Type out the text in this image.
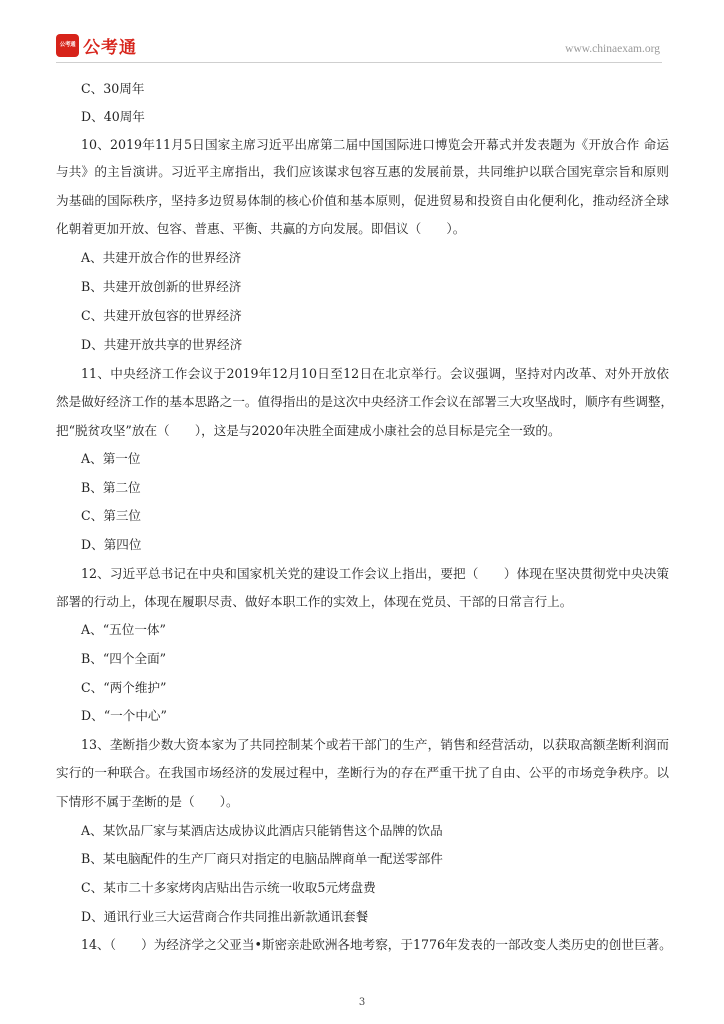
公考通 公考通	www.chinaexam.org
C、30周年
D、40周年
10、2019年11月5日国家主席习近平出席第二届中国国际进口博览会开幕式并发表题为《开放合作 命运
与共》的主旨演讲。习近平主席指出，我们应该谋求包容互惠的发展前景，共同维护以联合国宪章宗旨和原则
为基础的国际秩序，坚持多边贸易体制的核心价值和基本原则，促进贸易和投资自由化便利化，推动经济全球
化朝着更加开放、包容、普惠、平衡、共赢的方向发展。即倡议（　　）。
A、共建开放合作的世界经济
B、共建开放创新的世界经济
C、共建开放包容的世界经济
D、共建开放共享的世界经济
11、中央经济工作会议于2019年12月10日至12日在北京举行。会议强调，坚持对内改革、对外开放依
然是做好经济工作的基本思路之一。值得指出的是这次中央经济工作会议在部署三大攻坚战时，顺序有些调整，
把“脱贫攻坚”放在（　　），这是与2020年决胜全面建成小康社会的总目标是完全一致的。
A、第一位
B、第二位
C、第三位
D、第四位
12、习近平总书记在中央和国家机关党的建设工作会议上指出，要把（　　）体现在坚决贯彻党中央决策
部署的行动上，体现在履职尽责、做好本职工作的实效上，体现在党员、干部的日常言行上。
A、“五位一体”
B、“四个全面”
C、“两个维护”
D、“一个中心”
13、垄断指少数大资本家为了共同控制某个或若干部门的生产，销售和经营活动，以获取高额垄断利润而
实行的一种联合。在我国市场经济的发展过程中，垄断行为的存在严重干扰了自由、公平的市场竞争秩序。以
下情形不属于垄断的是（　　）。
A、某饮品厂家与某酒店达成协议此酒店只能销售这个品牌的饮品
B、某电脑配件的生产厂商只对指定的电脑品牌商单一配送零部件
C、某市二十多家烤肉店贴出告示统一收取5元烤盘费
D、通讯行业三大运营商合作共同推出新款通讯套餐
14、（　　）为经济学之父亚当•斯密亲赴欧洲各地考察，于1776年发表的一部改变人类历史的创世巨著。
3
